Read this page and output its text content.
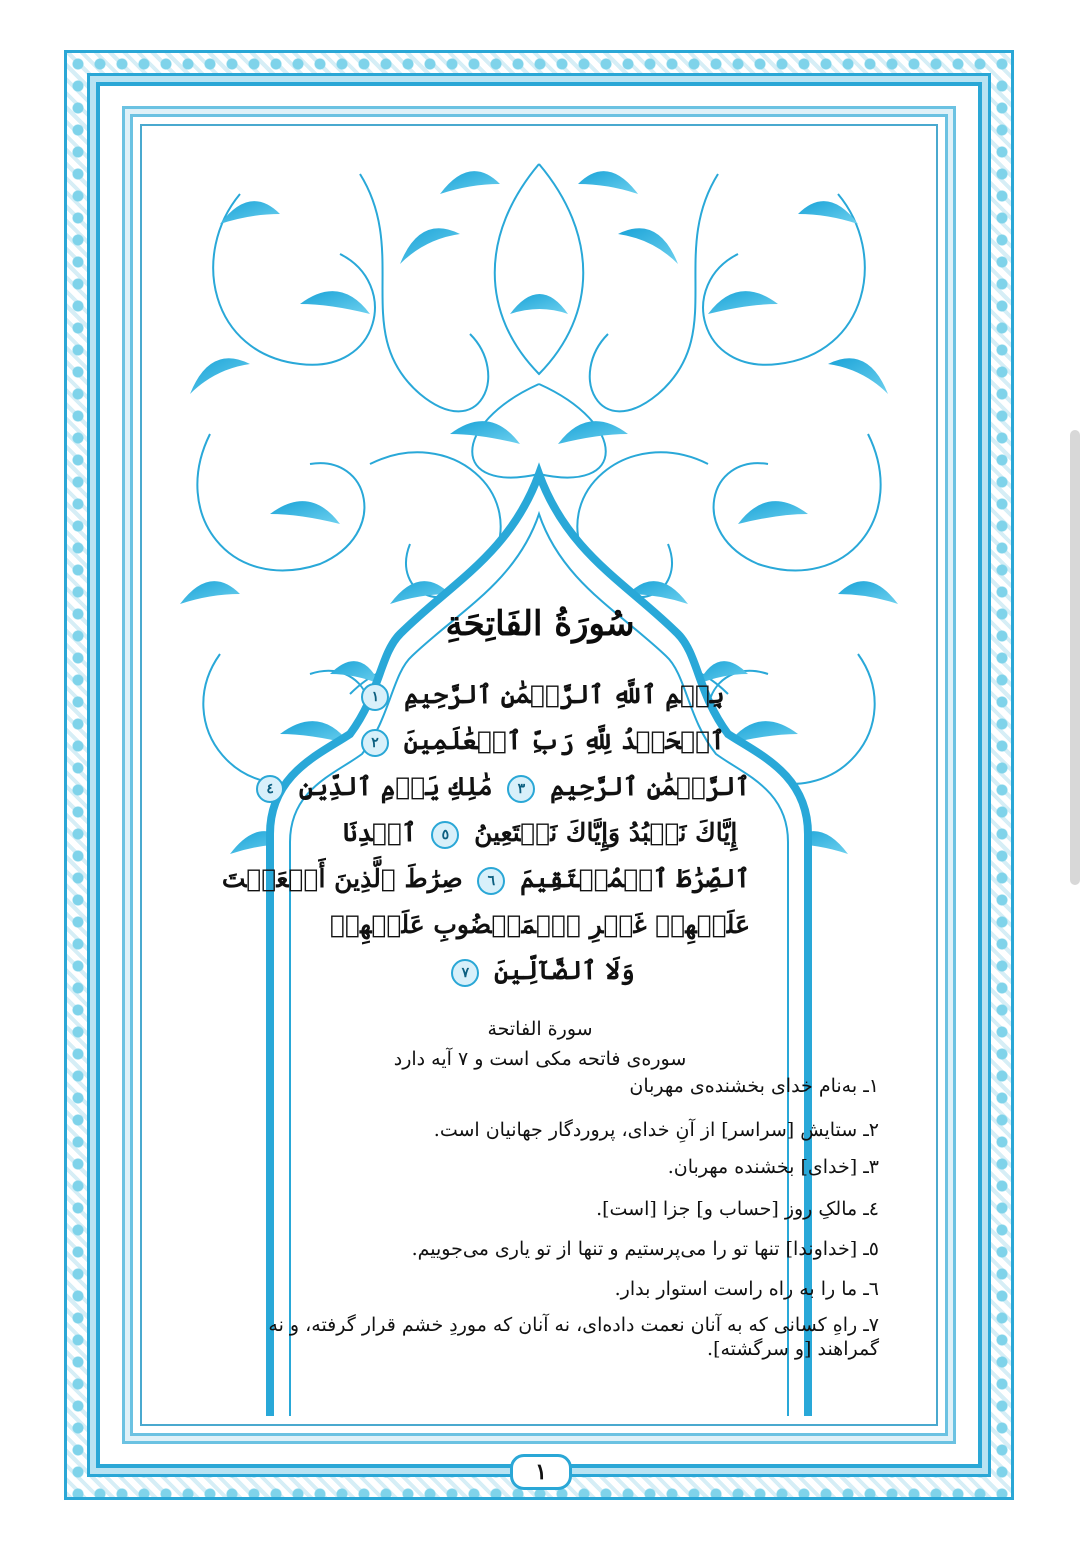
سُورَةُ الفَاتِحَةِ
بِسۡمِ ٱللَّهِ ٱلرَّحۡمَٰنِ ٱلرَّحِيمِ ١
ٱلۡحَمۡدُ لِلَّهِ رَبِّ ٱلۡعَٰلَمِينَ ٢
ٱلرَّحۡمَٰنِ ٱلرَّحِيمِ ٣ مَٰلِكِ يَوۡمِ ٱلدِّينِ ٤
إِيَّاكَ نَعۡبُدُ وَإِيَّاكَ نَسۡتَعِينُ ٥ ٱهۡدِنَا
ٱلصِّرَٰطَ ٱلۡمُسۡتَقِيمَ ٦ صِرَٰطَ ٱلَّذِينَ أَنۡعَمۡتَ
عَلَيۡهِمۡ غَيۡرِ ٱلۡمَغۡضُوبِ عَلَيۡهِمۡ
وَلَا ٱلضَّآلِّينَ ٧
سورة الفاتحة
سوره‌ی فاتحه مکی است و ۷ آیه دارد
١ـ به‌نام خدای بخشنده‌ی مهربان
٢ـ ستایش [سراسر] از آنِ خدای، پروردگار جهانیان است.
٣ـ [خدای] بخشنده مهربان.
٤ـ مالکِ روز [حساب و] جزا [است].
٥ـ [خداوندا] تنها تو را می‌پرستیم و تنها از تو یاری می‌جوییم.
٦ـ ما را به راه راست استوار بدار.
٧ـ راهِ کسانی که به آنان نعمت داده‌ای، نه آنان که موردِ خشم قرار گرفته، و نه گمراهند [و سرگشته].
١
